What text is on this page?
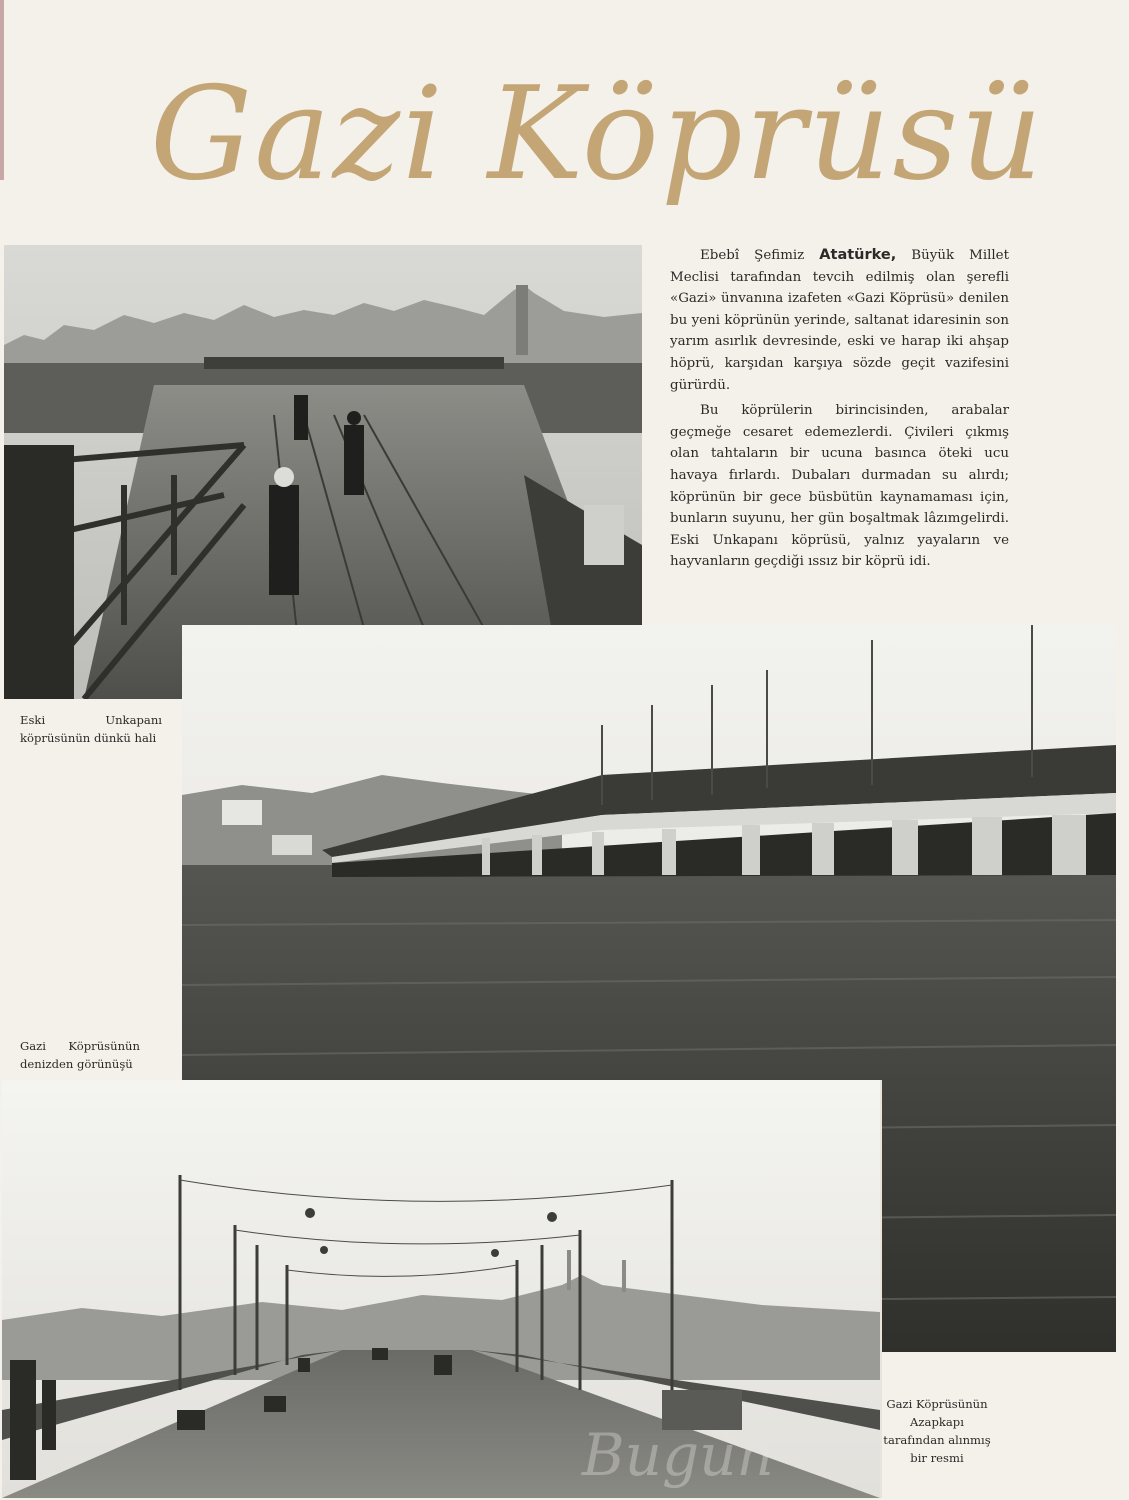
Gazi Köprüsü

Ebebî Şefimiz Atatürke, Büyük Millet Meclisi tarafından tevcih edilmiş olan şerefli «Gazi» ünvanına izafeten «Gazi Köprüsü» denilen bu yeni köprünün yerinde, saltanat idaresinin son yarım asırlık devresinde, eski ve harap iki ahşap höprü, karşıdan karşıya sözde geçit vazifesini gürürdü.

Bu köprülerin birincisinden, arabalar geçmeğe cesaret edemezlerdi. Çivileri çıkmış olan tahtaların bir ucuna basınca öteki ucu havaya fırlardı. Dubaları durmadan su alırdı; köprünün bir gece büsbütün kaynamaması için, bunların suyunu, her gün boşaltmak lâzımgelirdi. Eski Unkapanı köprüsü, yalnız yayaların ve hayvanların geçdiği ıssız bir köprü idi.

Eski Unkapanı köprüsünün dünkü hali
Gazi Köprüsünün denizden görünüşü
Bugün
Gazi Köprüsünün Azapkapı tarafından alınmış bir resmi
